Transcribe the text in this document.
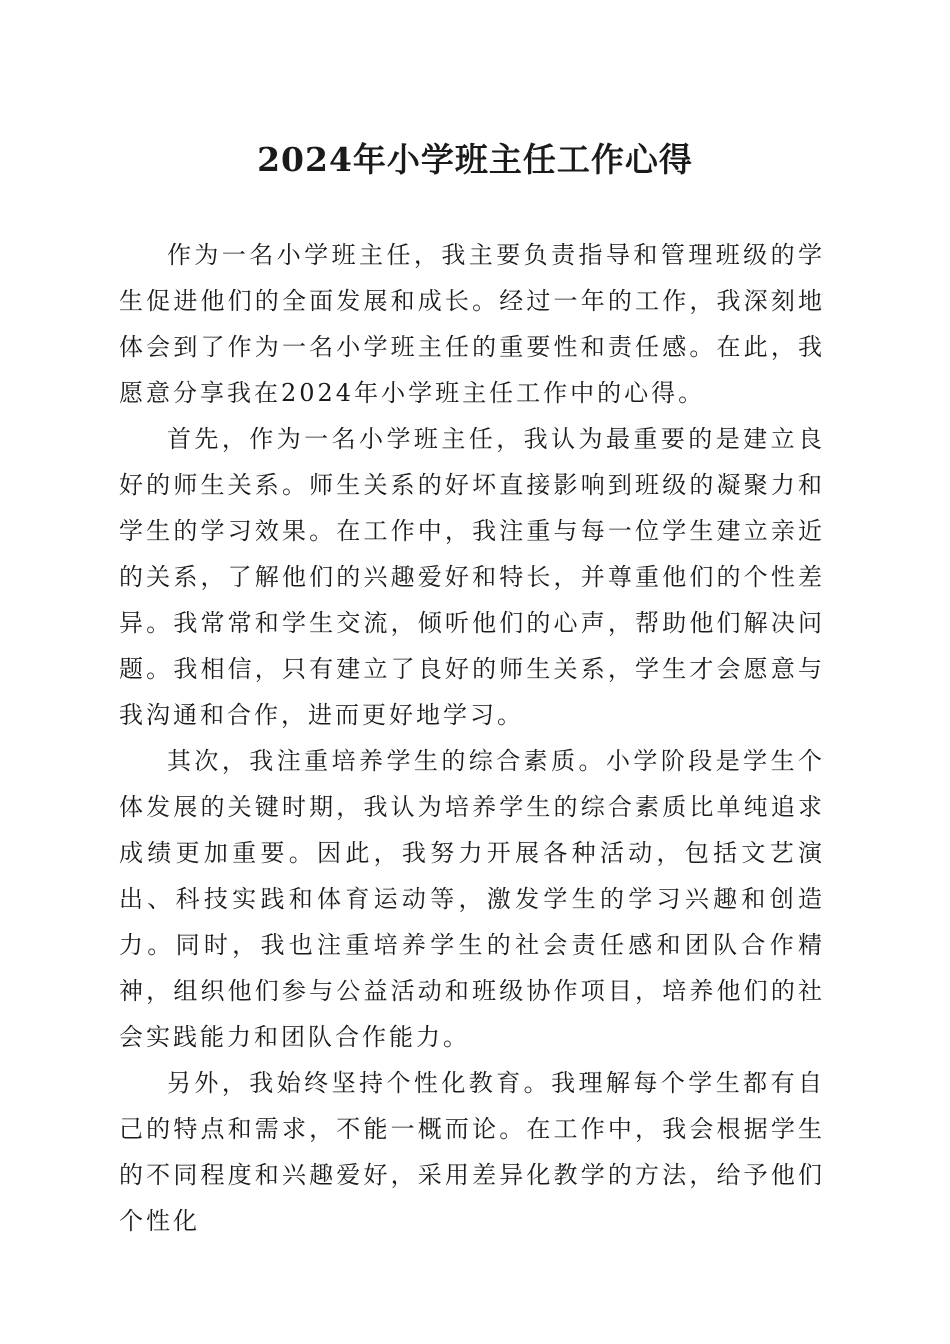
2024年小学班主任工作心得

作为一名小学班主任，我主要负责指导和管理班级的学生促进他们的全面发展和成长。经过一年的工作，我深刻地体会到了作为一名小学班主任的重要性和责任感。在此，我愿意分享我在2024年小学班主任工作中的心得。

首先，作为一名小学班主任，我认为最重要的是建立良好的师生关系。师生关系的好坏直接影响到班级的凝聚力和学生的学习效果。在工作中，我注重与每一位学生建立亲近的关系，了解他们的兴趣爱好和特长，并尊重他们的个性差异。我常常和学生交流，倾听他们的心声，帮助他们解决问题。我相信，只有建立了良好的师生关系，学生才会愿意与我沟通和合作，进而更好地学习。

其次，我注重培养学生的综合素质。小学阶段是学生个体发展的关键时期，我认为培养学生的综合素质比单纯追求成绩更加重要。因此，我努力开展各种活动，包括文艺演出、科技实践和体育运动等，激发学生的学习兴趣和创造力。同时，我也注重培养学生的社会责任感和团队合作精神，组织他们参与公益活动和班级协作项目，培养他们的社会实践能力和团队合作能力。

另外，我始终坚持个性化教育。我理解每个学生都有自己的特点和需求，不能一概而论。在工作中，我会根据学生的不同程度和兴趣爱好，采用差异化教学的方法，给予他们个性化
